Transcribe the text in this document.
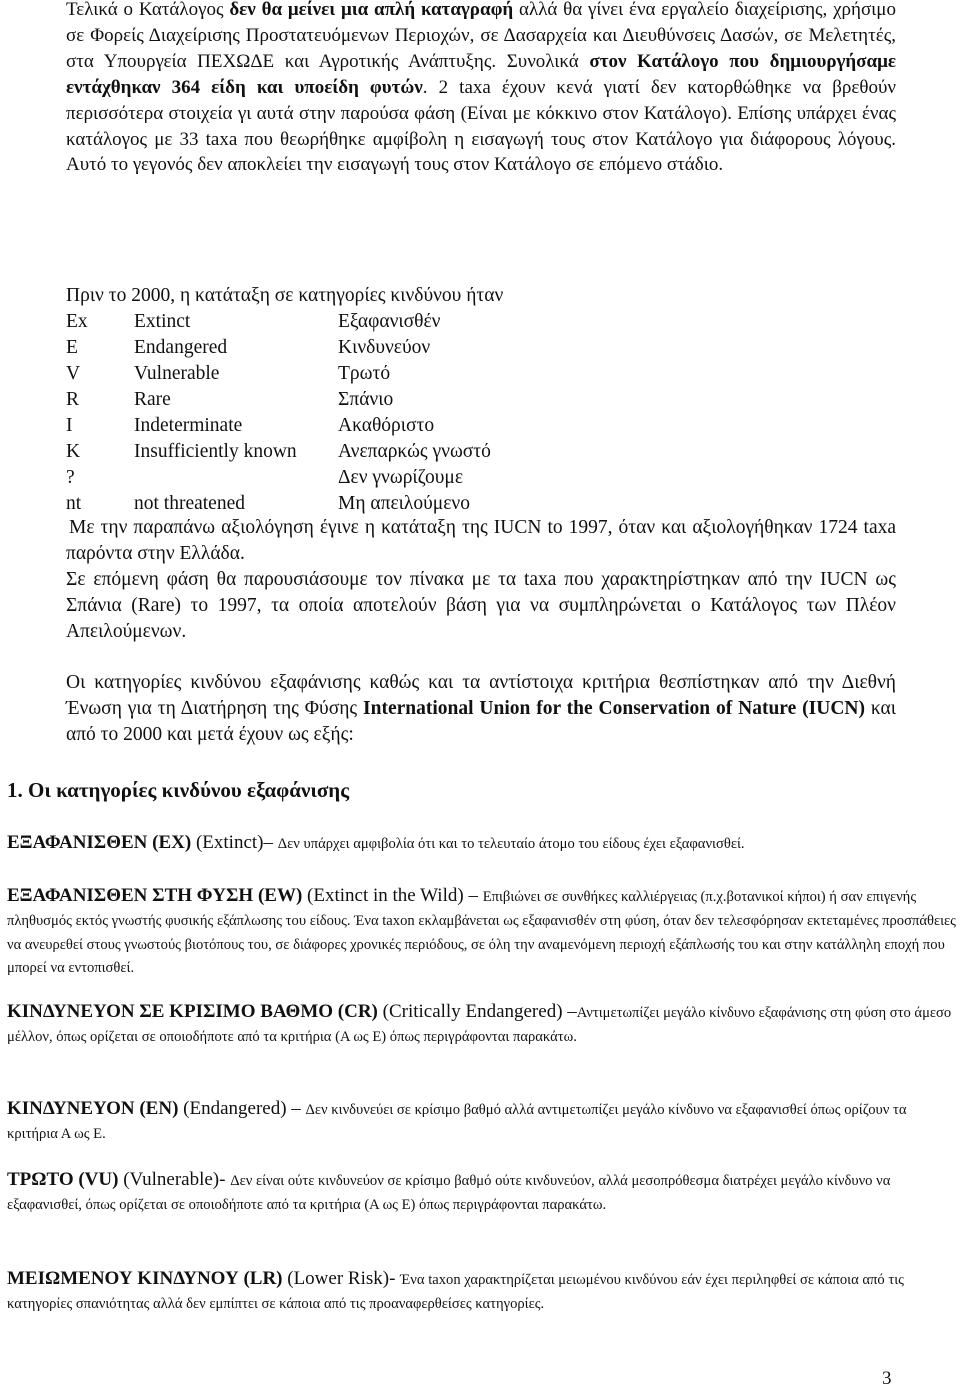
Τελικά ο Κατάλογος δεν θα μείνει μια απλή καταγραφή αλλά θα γίνει ένα εργαλείο διαχείρισης, χρήσιμο σε Φορείς Διαχείρισης Προστατευόμενων Περιοχών, σε Δασαρχεία και Διευθύνσεις Δασών, σε Μελετητές, στα Υπουργεία ΠΕΧΩΔΕ και Αγροτικής Ανάπτυξης. Συνολικά στον Κατάλογο που δημιουργήσαμε εντάχθηκαν 364 είδη και υποείδη φυτών. 2 taxa έχουν κενά γιατί δεν κατορθώθηκε να βρεθούν περισσότερα στοιχεία γι αυτά στην παρούσα φάση (Είναι με κόκκινο στον Κατάλογο). Επίσης υπάρχει ένας κατάλογος με 33 taxa που θεωρήθηκε αμφίβολη η εισαγωγή τους στον Κατάλογο για διάφορους λόγους. Αυτό το γεγονός δεν αποκλείει την εισαγωγή τους στον Κατάλογο σε επόμενο στάδιο.

Πριν το 2000, η κατάταξη σε κατηγορίες κινδύνου ήταν

Ex	Extinct	Εξαφανισθέν
E	Endangered	Κινδυνεύον
V	Vulnerable	Τρωτό
R	Rare	Σπάνιο
I	Indeterminate	Ακαθόριστο
K	Insufficiently known	Ανεπαρκώς γνωστό
?		Δεν γνωρίζουμε
nt	not threatened	Μη απειλούμενο

Με την παραπάνω αξιολόγηση έγινε η κατάταξη της IUCN to 1997, όταν και αξιολογήθηκαν 1724 taxa παρόντα στην Ελλάδα.

Σε επόμενη φάση θα παρουσιάσουμε τον πίνακα με τα taxa που χαρακτηρίστηκαν από την IUCN ως Σπάνια (Rare) το 1997, τα οποία αποτελούν βάση για να συμπληρώνεται ο Κατάλογος των Πλέον Απειλούμενων.

Οι κατηγορίες κινδύνου εξαφάνισης καθώς και τα αντίστοιχα κριτήρια θεσπίστηκαν από την Διεθνή Ένωση για τη Διατήρηση της Φύσης International Union for the Conservation of Nature (IUCN) και από το 2000 και μετά έχουν ως εξής:

1. Οι κατηγορίες κινδύνου εξαφάνισης

ΕΞΑΦΑΝΙΣΘΕΝ (ΕΧ) (Extinct)– Δεν υπάρχει αμφιβολία ότι και το τελευταίο άτομο του είδους έχει εξαφανισθεί.

ΕΞΑΦΑΝΙΣΘΕΝ ΣΤΗ ΦΥΣΗ (EW) (Extinct in the Wild) – Επιβιώνει σε συνθήκες καλλιέργειας (π.χ.βοτανικοί κήποι) ή σαν επιγενής πληθυσμός εκτός γνωστής φυσικής εξάπλωσης του είδους. Ένα taxon εκλαμβάνεται ως εξαφανισθέν στη φύση, όταν δεν τελεσφόρησαν εκτεταμένες προσπάθειες να ανευρεθεί στους γνωστούς βιοτόπους του, σε διάφορες χρονικές περιόδους, σε όλη την αναμενόμενη περιοχή εξάπλωσής του και στην κατάλληλη εποχή που μπορεί να εντοπισθεί.

ΚΙΝΔΥΝΕΥΟΝ ΣΕ ΚΡΙΣΙΜΟ ΒΑΘΜΟ (CR) (Critically Endangered) –Αντιμετωπίζει μεγάλο κίνδυνο εξαφάνισης στη φύση στο άμεσο μέλλον, όπως ορίζεται σε οποιοδήποτε από τα κριτήρια (Α ως Ε) όπως περιγράφονται παρακάτω.

ΚΙΝΔΥΝΕΥΟΝ (ΕΝ) (Endangered) – Δεν κινδυνεύει σε κρίσιμο βαθμό αλλά αντιμετωπίζει μεγάλο κίνδυνο να εξαφανισθεί όπως ορίζουν τα κριτήρια Α ως Ε.

ΤΡΩΤΟ (VU) (Vulnerable)- Δεν είναι ούτε κινδυνεύον σε κρίσιμο βαθμό ούτε κινδυνεύον, αλλά μεσοπρόθεσμα διατρέχει μεγάλο κίνδυνο να εξαφανισθεί, όπως ορίζεται σε οποιοδήποτε από τα κριτήρια (Α ως Ε) όπως περιγράφονται παρακάτω.

ΜΕΙΩΜΕΝΟΥ ΚΙΝΔΥΝΟΥ (LR) (Lower Risk)- Ένα taxon χαρακτηρίζεται μειωμένου κινδύνου εάν έχει περιληφθεί σε κάποια από τις κατηγορίες σπανιότητας αλλά δεν εμπίπτει σε κάποια από τις προαναφερθείσες κατηγορίες.

3
